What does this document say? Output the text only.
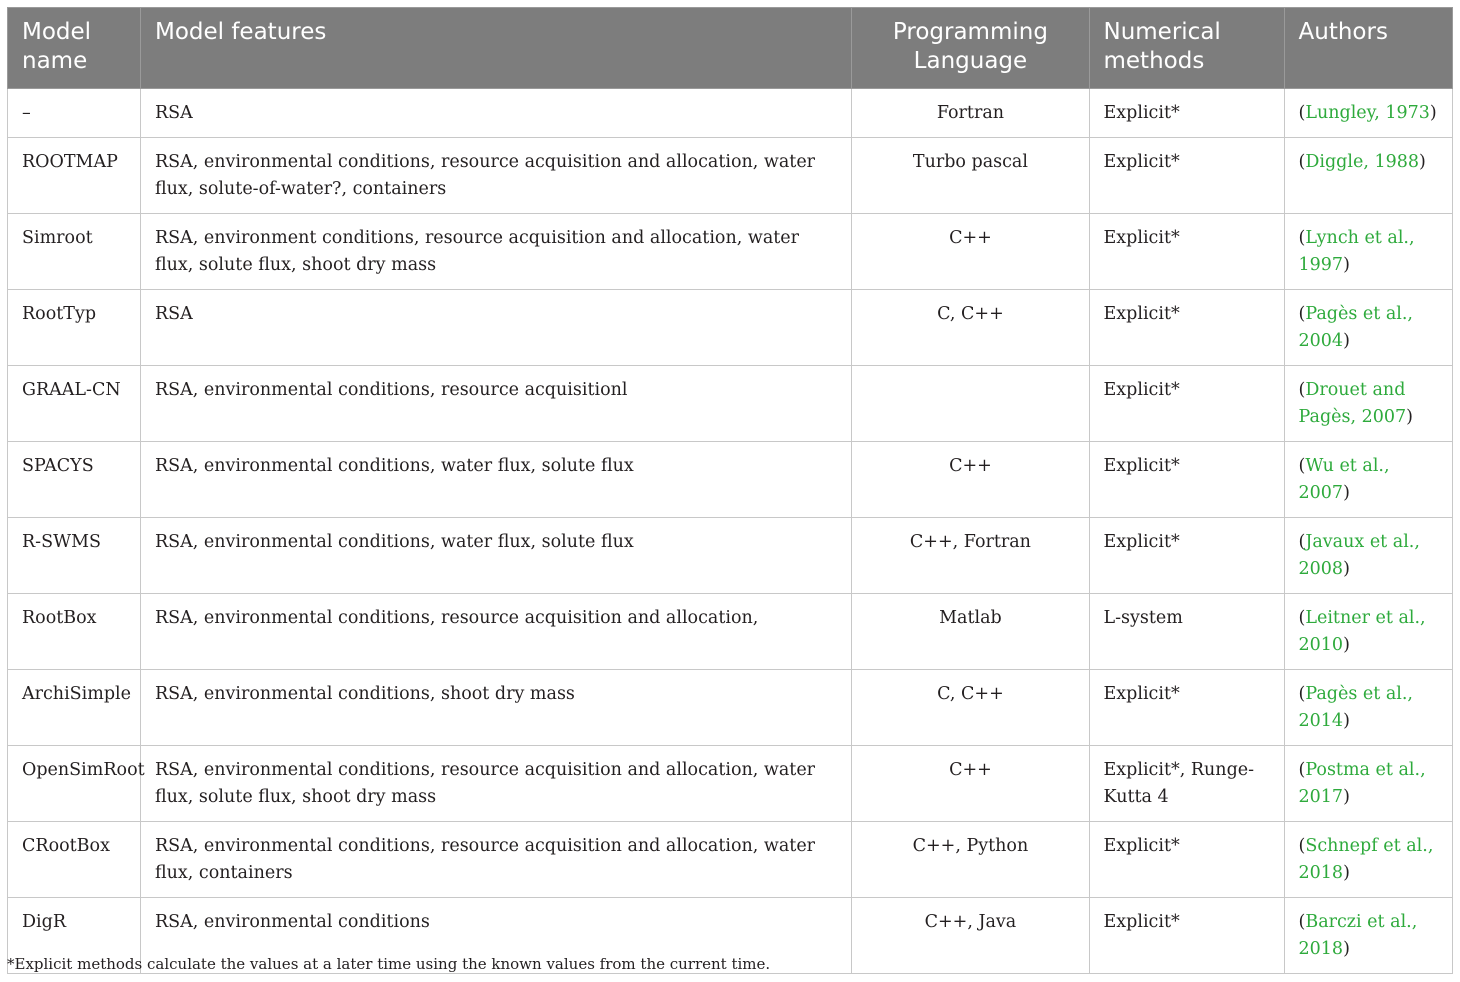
Model name	Model features	Programming Language	Numerical methods	Authors
–	RSA	Fortran	Explicit*	(Lungley, 1973)
ROOTMAP	RSA, environmental conditions, resource acquisition and allocation, water flux, solute-of-water?, containers	Turbo pascal	Explicit*	(Diggle, 1988)
Simroot	RSA, environment conditions, resource acquisition and allocation, water flux, solute flux, shoot dry mass	C++	Explicit*	(Lynch et al., 1997)
RootTyp	RSA	C, C++	Explicit*	(Pagès et al., 2004)
GRAAL-CN	RSA, environmental conditions, resource acquisitionl		Explicit*	(Drouet and Pagès, 2007)
SPACYS	RSA, environmental conditions, water flux, solute flux	C++	Explicit*	(Wu et al., 2007)
R-SWMS	RSA, environmental conditions, water flux, solute flux	C++, Fortran	Explicit*	(Javaux et al., 2008)
RootBox	RSA, environmental conditions, resource acquisition and allocation,	Matlab	L-system	(Leitner et al., 2010)
ArchiSimple	RSA, environmental conditions, shoot dry mass	C, C++	Explicit*	(Pagès et al., 2014)
OpenSimRoot	RSA, environmental conditions, resource acquisition and allocation, water flux, solute flux, shoot dry mass	C++	Explicit*, Runge-Kutta 4	(Postma et al., 2017)
CRootBox	RSA, environmental conditions, resource acquisition and allocation, water flux, containers	C++, Python	Explicit*	(Schnepf et al., 2018)
DigR	RSA, environmental conditions	C++, Java	Explicit*	(Barczi et al., 2018)
*Explicit methods calculate the values at a later time using the known values from the current time.
